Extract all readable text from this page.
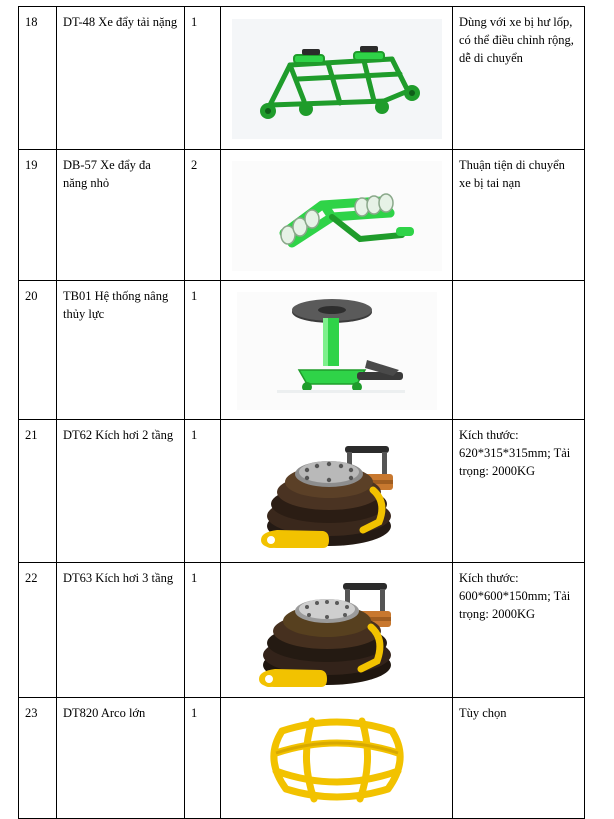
18	DT-48 Xe đẩy tải nặng	1		Dùng với xe bị hư lốp, có thể điều chỉnh rộng, dễ di chuyển
19	DB-57 Xe đẩy đa năng nhỏ	2		Thuận tiện di chuyển xe bị tai nạn
20	TB01 Hệ thống nâng thủy lực	1	

21	DT62 Kích hơi 2 tầng	1		Kích thước: 620*315*315mm; Tải trọng: 2000KG
22	DT63 Kích hơi 3 tầng	1		Kích thước: 600*600*150mm; Tải trọng: 2000KG
23	DT820 Arco lớn	1		Tùy chọn
